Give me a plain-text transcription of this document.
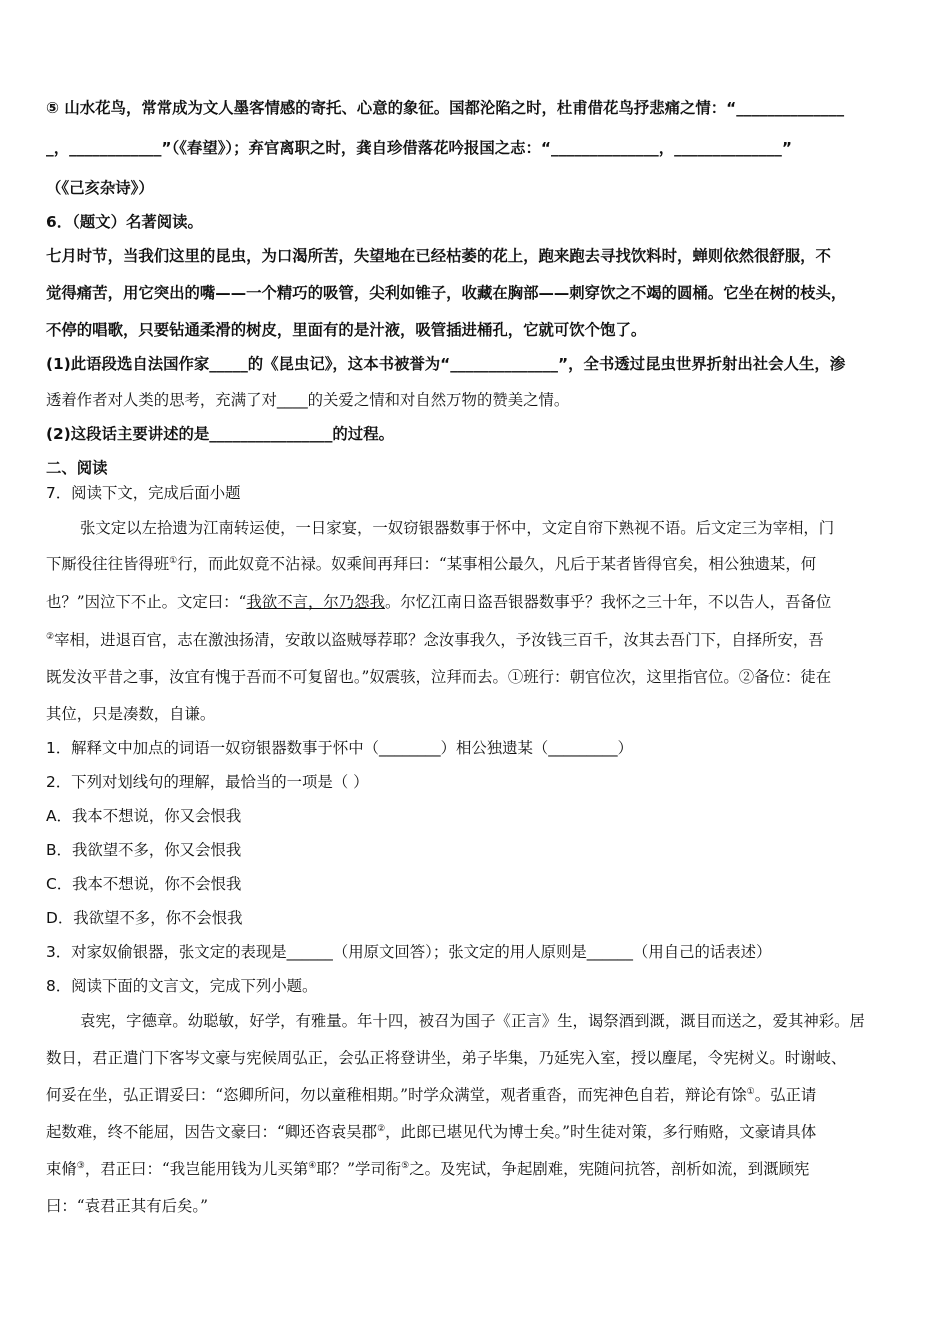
⑤ 山水花鸟，常常成为文人墨客情感的寄托、心意的象征。国都沦陷之时，杜甫借花鸟抒悲痛之情：“______________

_，____________”（《春望》）；弃官离职之时，龚自珍借落花吟报国之志：“______________，______________”

（《己亥杂诗》）

6．（题文）名著阅读。

七月时节，当我们这里的昆虫，为口渴所苦，失望地在已经枯萎的花上，跑来跑去寻找饮料时，蝉则依然很舒服，不

觉得痛苦，用它突出的嘴——一个精巧的吸管，尖利如锥子，收藏在胸部——刺穿饮之不竭的圆桶。它坐在树的枝头，

不停的唱歌，只要钻通柔滑的树皮，里面有的是汁液，吸管插进桶孔，它就可饮个饱了。

(1)此语段选自法国作家_____的《昆虫记》，这本书被誉为“______________”，全书透过昆虫世界折射出社会人生，渗

透着作者对人类的思考，充满了对____的关爱之情和对自然万物的赞美之情。

(2)这段话主要讲述的是________________的过程。

二、阅读

7．阅读下文，完成后面小题

张文定以左拾遗为江南转运使，一日家宴，一奴窃银器数事于怀中，文定自帘下熟视不语。后文定三为宰相，门

下厮役往往皆得班①行，而此奴竟不沾禄。奴乘间再拜曰：“某事相公最久，凡后于某者皆得官矣，相公独遗某，何

也？”因泣下不止。文定曰：“我欲不言，尔乃怨我。尔忆江南日盗吾银器数事乎？我怀之三十年，不以告人，吾备位

②宰相，进退百官，志在激浊扬清，安敢以盗贼辱荐耶？念汝事我久，予汝钱三百千，汝其去吾门下，自择所安，吾

既发汝平昔之事，汝宜有愧于吾而不可复留也。”奴震骇，泣拜而去。①班行：朝官位次，这里指官位。②备位：徒在

其位，只是凑数，自谦。

1．解释文中加点的词语一奴窃银器数事于怀中（________）相公独遗某（_________）

2．下列对划线句的理解，最恰当的一项是（ ）

A．我本不想说，你又会恨我

B．我欲望不多，你又会恨我

C．我本不想说，你不会恨我

D．我欲望不多，你不会恨我

3．对家奴偷银器，张文定的表现是______（用原文回答）；张文定的用人原则是______（用自己的话表述）

8．阅读下面的文言文，完成下列小题。

袁宪，字德章。幼聪敏，好学，有雅量。年十四，被召为国子《正言》生，谒祭酒到溉，溉目而送之，爱其神彩。居

数日，君正遣门下客岑文豪与宪候周弘正，会弘正将登讲坐，弟子毕集，乃延宪入室，授以麈尾，令宪树义。时谢岐、

何妥在坐，弘正谓妥曰：“恣卿所问，勿以童稚相期。”时学众满堂，观者重沓，而宪神色自若，辩论有馀①。弘正请

起数难，终不能屈，因告文豪曰：“卿还咨袁吴郡②，此郎已堪见代为博士矣。”时生徒对策，多行贿赂，文豪请具体

束脩③，君正曰：“我岂能用钱为儿买第④耶？”学司衔⑤之。及宪试，争起剧难，宪随问抗答，剖析如流，到溉顾宪

曰：“袁君正其有后矣。”
